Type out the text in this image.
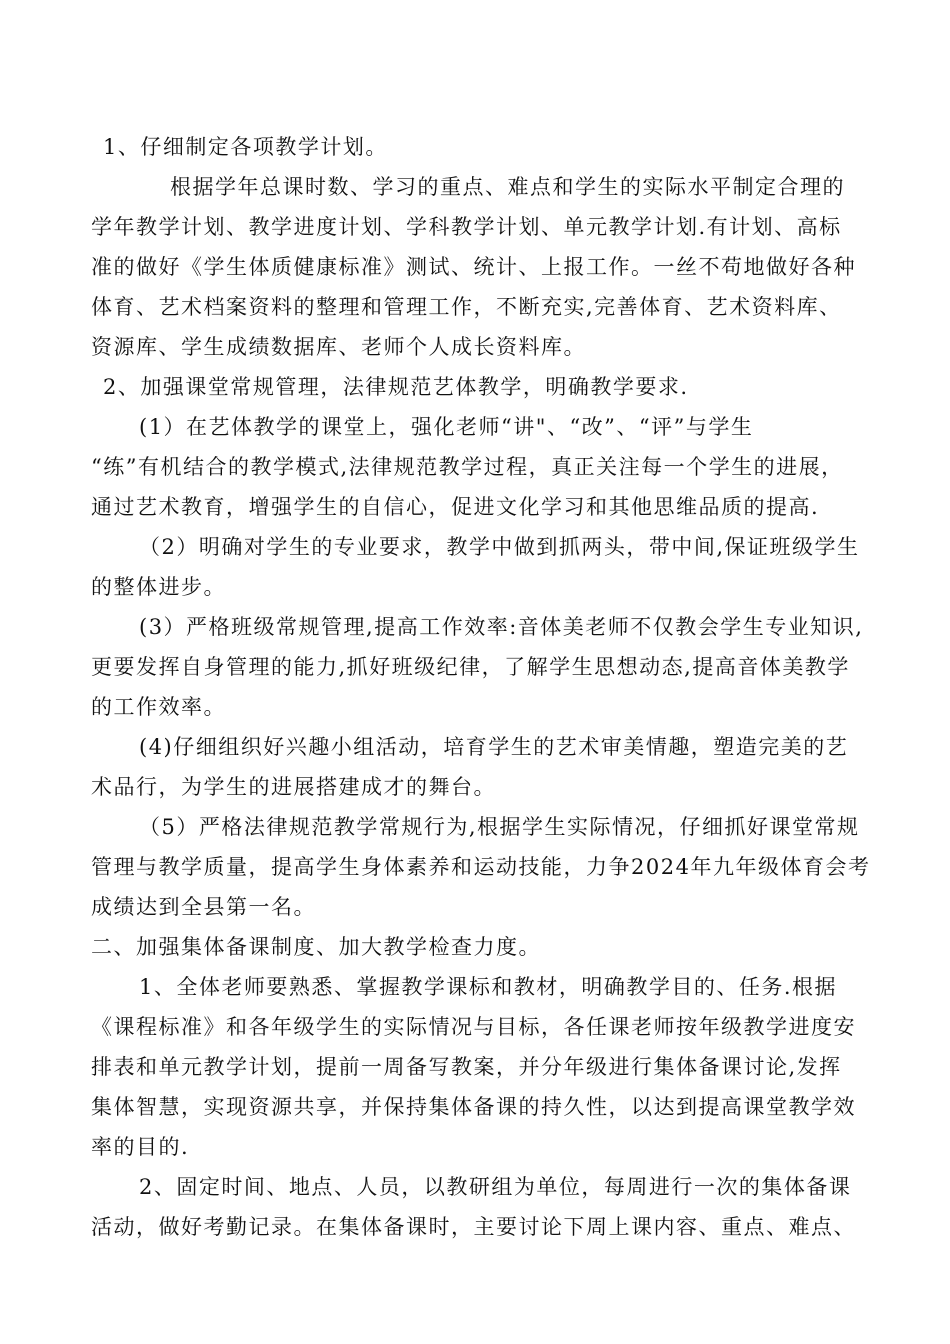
1、仔细制定各项教学计划。
根据学年总课时数、学习的重点、难点和学生的实际水平制定合理的
学年教学计划、教学进度计划、学科教学计划、单元教学计划.有计划、高标
准的做好《学生体质健康标准》测试、统计、上报工作。一丝不苟地做好各种
体育、艺术档案资料的整理和管理工作，不断充实,完善体育、艺术资料库、
资源库、学生成绩数据库、老师个人成长资料库。
2、加强课堂常规管理，法律规范艺体教学，明确教学要求.
(1）在艺体教学的课堂上，强化老师“讲"、“改”、“评”与学生
“练”有机结合的教学模式,法律规范教学过程，真正关注每一个学生的进展，
通过艺术教育，增强学生的自信心，促进文化学习和其他思维品质的提高.
（2）明确对学生的专业要求，教学中做到抓两头，带中间,保证班级学生
的整体进步。
(3）严格班级常规管理,提高工作效率:音体美老师不仅教会学生专业知识,
更要发挥自身管理的能力,抓好班级纪律，了解学生思想动态,提高音体美教学
的工作效率。
(4)仔细组织好兴趣小组活动，培育学生的艺术审美情趣，塑造完美的艺
术品行，为学生的进展搭建成才的舞台。
（5）严格法律规范教学常规行为,根据学生实际情况，仔细抓好课堂常规
管理与教学质量，提高学生身体素养和运动技能，力争2024年九年级体育会考
成绩达到全县第一名。
二、加强集体备课制度、加大教学检查力度。
1、全体老师要熟悉、掌握教学课标和教材，明确教学目的、任务.根据
《课程标准》和各年级学生的实际情况与目标，各任课老师按年级教学进度安
排表和单元教学计划，提前一周备写教案，并分年级进行集体备课讨论,发挥
集体智慧，实现资源共享，并保持集体备课的持久性，以达到提高课堂教学效
率的目的.
2、固定时间、地点、人员，以教研组为单位，每周进行一次的集体备课
活动，做好考勤记录。在集体备课时，主要讨论下周上课内容、重点、难点、
